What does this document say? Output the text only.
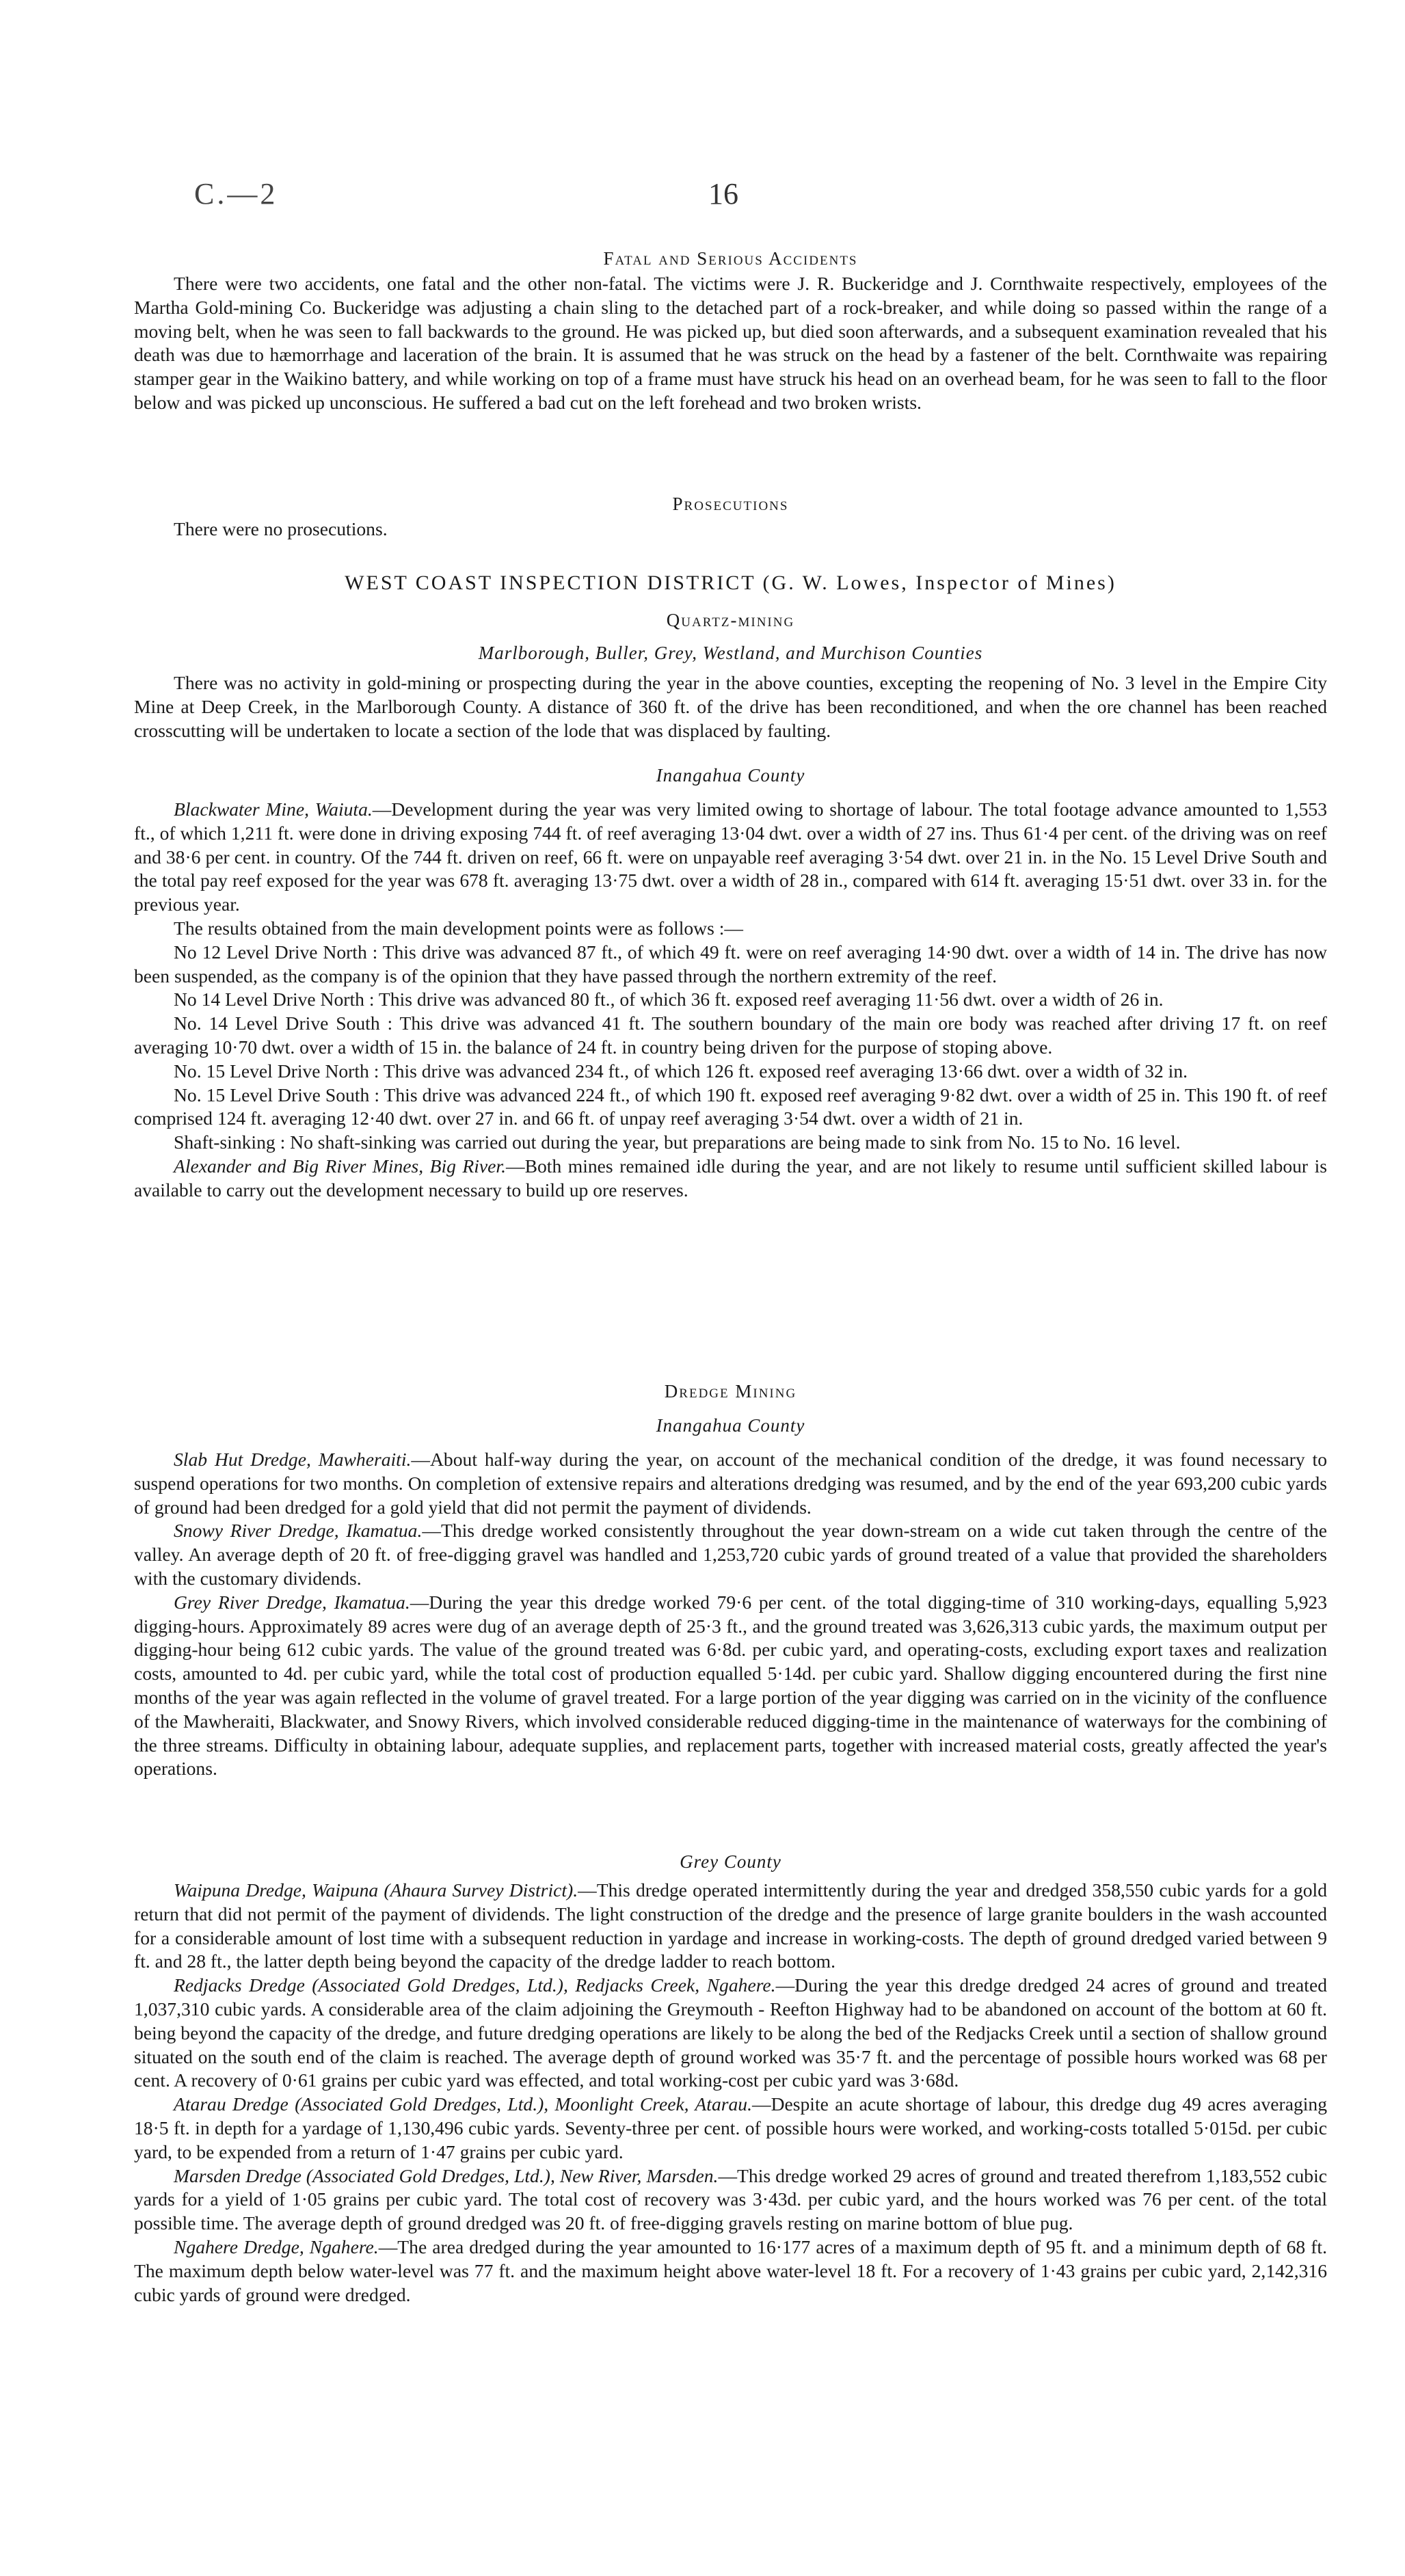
C.—2	16
Fatal and Serious Accidents

There were two accidents, one fatal and the other non-fatal. The victims were J. R. Buckeridge and J. Cornthwaite respectively, employees of the Martha Gold-mining Co. Buckeridge was adjusting a chain sling to the detached part of a rock-breaker, and while doing so passed within the range of a moving belt, when he was seen to fall backwards to the ground. He was picked up, but died soon afterwards, and a subsequent examination revealed that his death was due to hæmorrhage and laceration of the brain. It is assumed that he was struck on the head by a fastener of the belt. Cornthwaite was repairing stamper gear in the Waikino battery, and while working on top of a frame must have struck his head on an overhead beam, for he was seen to fall to the floor below and was picked up unconscious. He suffered a bad cut on the left forehead and two broken wrists.

Prosecutions

There were no prosecutions.

WEST COAST INSPECTION DISTRICT (G. W. Lowes, Inspector of Mines)
Quartz-mining
Marlborough, Buller, Grey, Westland, and Murchison Counties

There was no activity in gold-mining or prospecting during the year in the above counties, excepting the reopening of No. 3 level in the Empire City Mine at Deep Creek, in the Marlborough County. A distance of 360 ft. of the drive has been reconditioned, and when the ore channel has been reached crosscutting will be undertaken to locate a section of the lode that was displaced by faulting.

Inangahua County

Blackwater Mine, Waiuta.—Development during the year was very limited owing to shortage of labour. The total footage advance amounted to 1,553 ft., of which 1,211 ft. were done in driving exposing 744 ft. of reef averaging 13·04 dwt. over a width of 27 ins. Thus 61·4 per cent. of the driving was on reef and 38·6 per cent. in country. Of the 744 ft. driven on reef, 66 ft. were on unpayable reef averaging 3·54 dwt. over 21 in. in the No. 15 Level Drive South and the total pay reef exposed for the year was 678 ft. averaging 13·75 dwt. over a width of 28 in., compared with 614 ft. averaging 15·51 dwt. over 33 in. for the previous year.

The results obtained from the main development points were as follows :—

No 12 Level Drive North : This drive was advanced 87 ft., of which 49 ft. were on reef averaging 14·90 dwt. over a width of 14 in. The drive has now been suspended, as the company is of the opinion that they have passed through the northern extremity of the reef.

No 14 Level Drive North : This drive was advanced 80 ft., of which 36 ft. exposed reef averaging 11·56 dwt. over a width of 26 in.

No. 14 Level Drive South : This drive was advanced 41 ft. The southern boundary of the main ore body was reached after driving 17 ft. on reef averaging 10·70 dwt. over a width of 15 in. the balance of 24 ft. in country being driven for the purpose of stoping above.

No. 15 Level Drive North : This drive was advanced 234 ft., of which 126 ft. exposed reef averaging 13·66 dwt. over a width of 32 in.

No. 15 Level Drive South : This drive was advanced 224 ft., of which 190 ft. exposed reef averaging 9·82 dwt. over a width of 25 in. This 190 ft. of reef comprised 124 ft. averaging 12·40 dwt. over 27 in. and 66 ft. of unpay reef averaging 3·54 dwt. over a width of 21 in.

Shaft-sinking : No shaft-sinking was carried out during the year, but preparations are being made to sink from No. 15 to No. 16 level.

Alexander and Big River Mines, Big River.—Both mines remained idle during the year, and are not likely to resume until sufficient skilled labour is available to carry out the development necessary to build up ore reserves.

Dredge Mining
Inangahua County

Slab Hut Dredge, Mawheraiti.—About half-way during the year, on account of the mechanical condition of the dredge, it was found necessary to suspend operations for two months. On completion of extensive repairs and alterations dredging was resumed, and by the end of the year 693,200 cubic yards of ground had been dredged for a gold yield that did not permit the payment of dividends.

Snowy River Dredge, Ikamatua.—This dredge worked consistently throughout the year down-stream on a wide cut taken through the centre of the valley. An average depth of 20 ft. of free-digging gravel was handled and 1,253,720 cubic yards of ground treated of a value that provided the shareholders with the customary dividends.

Grey River Dredge, Ikamatua.—During the year this dredge worked 79·6 per cent. of the total digging-time of 310 working-days, equalling 5,923 digging-hours. Approximately 89 acres were dug of an average depth of 25·3 ft., and the ground treated was 3,626,313 cubic yards, the maximum output per digging-hour being 612 cubic yards. The value of the ground treated was 6·8d. per cubic yard, and operating-costs, excluding export taxes and realization costs, amounted to 4d. per cubic yard, while the total cost of production equalled 5·14d. per cubic yard. Shallow digging encountered during the first nine months of the year was again reflected in the volume of gravel treated. For a large portion of the year digging was carried on in the vicinity of the confluence of the Mawheraiti, Blackwater, and Snowy Rivers, which involved considerable reduced digging-time in the maintenance of waterways for the combining of the three streams. Difficulty in obtaining labour, adequate supplies, and replacement parts, together with increased material costs, greatly affected the year's operations.

Grey County

Waipuna Dredge, Waipuna (Ahaura Survey District).—This dredge operated intermittently during the year and dredged 358,550 cubic yards for a gold return that did not permit of the payment of dividends. The light construction of the dredge and the presence of large granite boulders in the wash accounted for a considerable amount of lost time with a subsequent reduction in yardage and increase in working-costs. The depth of ground dredged varied between 9 ft. and 28 ft., the latter depth being beyond the capacity of the dredge ladder to reach bottom.

Redjacks Dredge (Associated Gold Dredges, Ltd.), Redjacks Creek, Ngahere.—During the year this dredge dredged 24 acres of ground and treated 1,037,310 cubic yards. A considerable area of the claim adjoining the Greymouth - Reefton Highway had to be abandoned on account of the bottom at 60 ft. being beyond the capacity of the dredge, and future dredging operations are likely to be along the bed of the Redjacks Creek until a section of shallow ground situated on the south end of the claim is reached. The average depth of ground worked was 35·7 ft. and the percentage of possible hours worked was 68 per cent. A recovery of 0·61 grains per cubic yard was effected, and total working-cost per cubic yard was 3·68d.

Atarau Dredge (Associated Gold Dredges, Ltd.), Moonlight Creek, Atarau.—Despite an acute shortage of labour, this dredge dug 49 acres averaging 18·5 ft. in depth for a yardage of 1,130,496 cubic yards. Seventy-three per cent. of possible hours were worked, and working-costs totalled 5·015d. per cubic yard, to be expended from a return of 1·47 grains per cubic yard.

Marsden Dredge (Associated Gold Dredges, Ltd.), New River, Marsden.—This dredge worked 29 acres of ground and treated therefrom 1,183,552 cubic yards for a yield of 1·05 grains per cubic yard. The total cost of recovery was 3·43d. per cubic yard, and the hours worked was 76 per cent. of the total possible time. The average depth of ground dredged was 20 ft. of free-digging gravels resting on marine bottom of blue pug.

Ngahere Dredge, Ngahere.—The area dredged during the year amounted to 16·177 acres of a maximum depth of 95 ft. and a minimum depth of 68 ft. The maximum depth below water-level was 77 ft. and the maximum height above water-level 18 ft. For a recovery of 1·43 grains per cubic yard, 2,142,316 cubic yards of ground were dredged.
